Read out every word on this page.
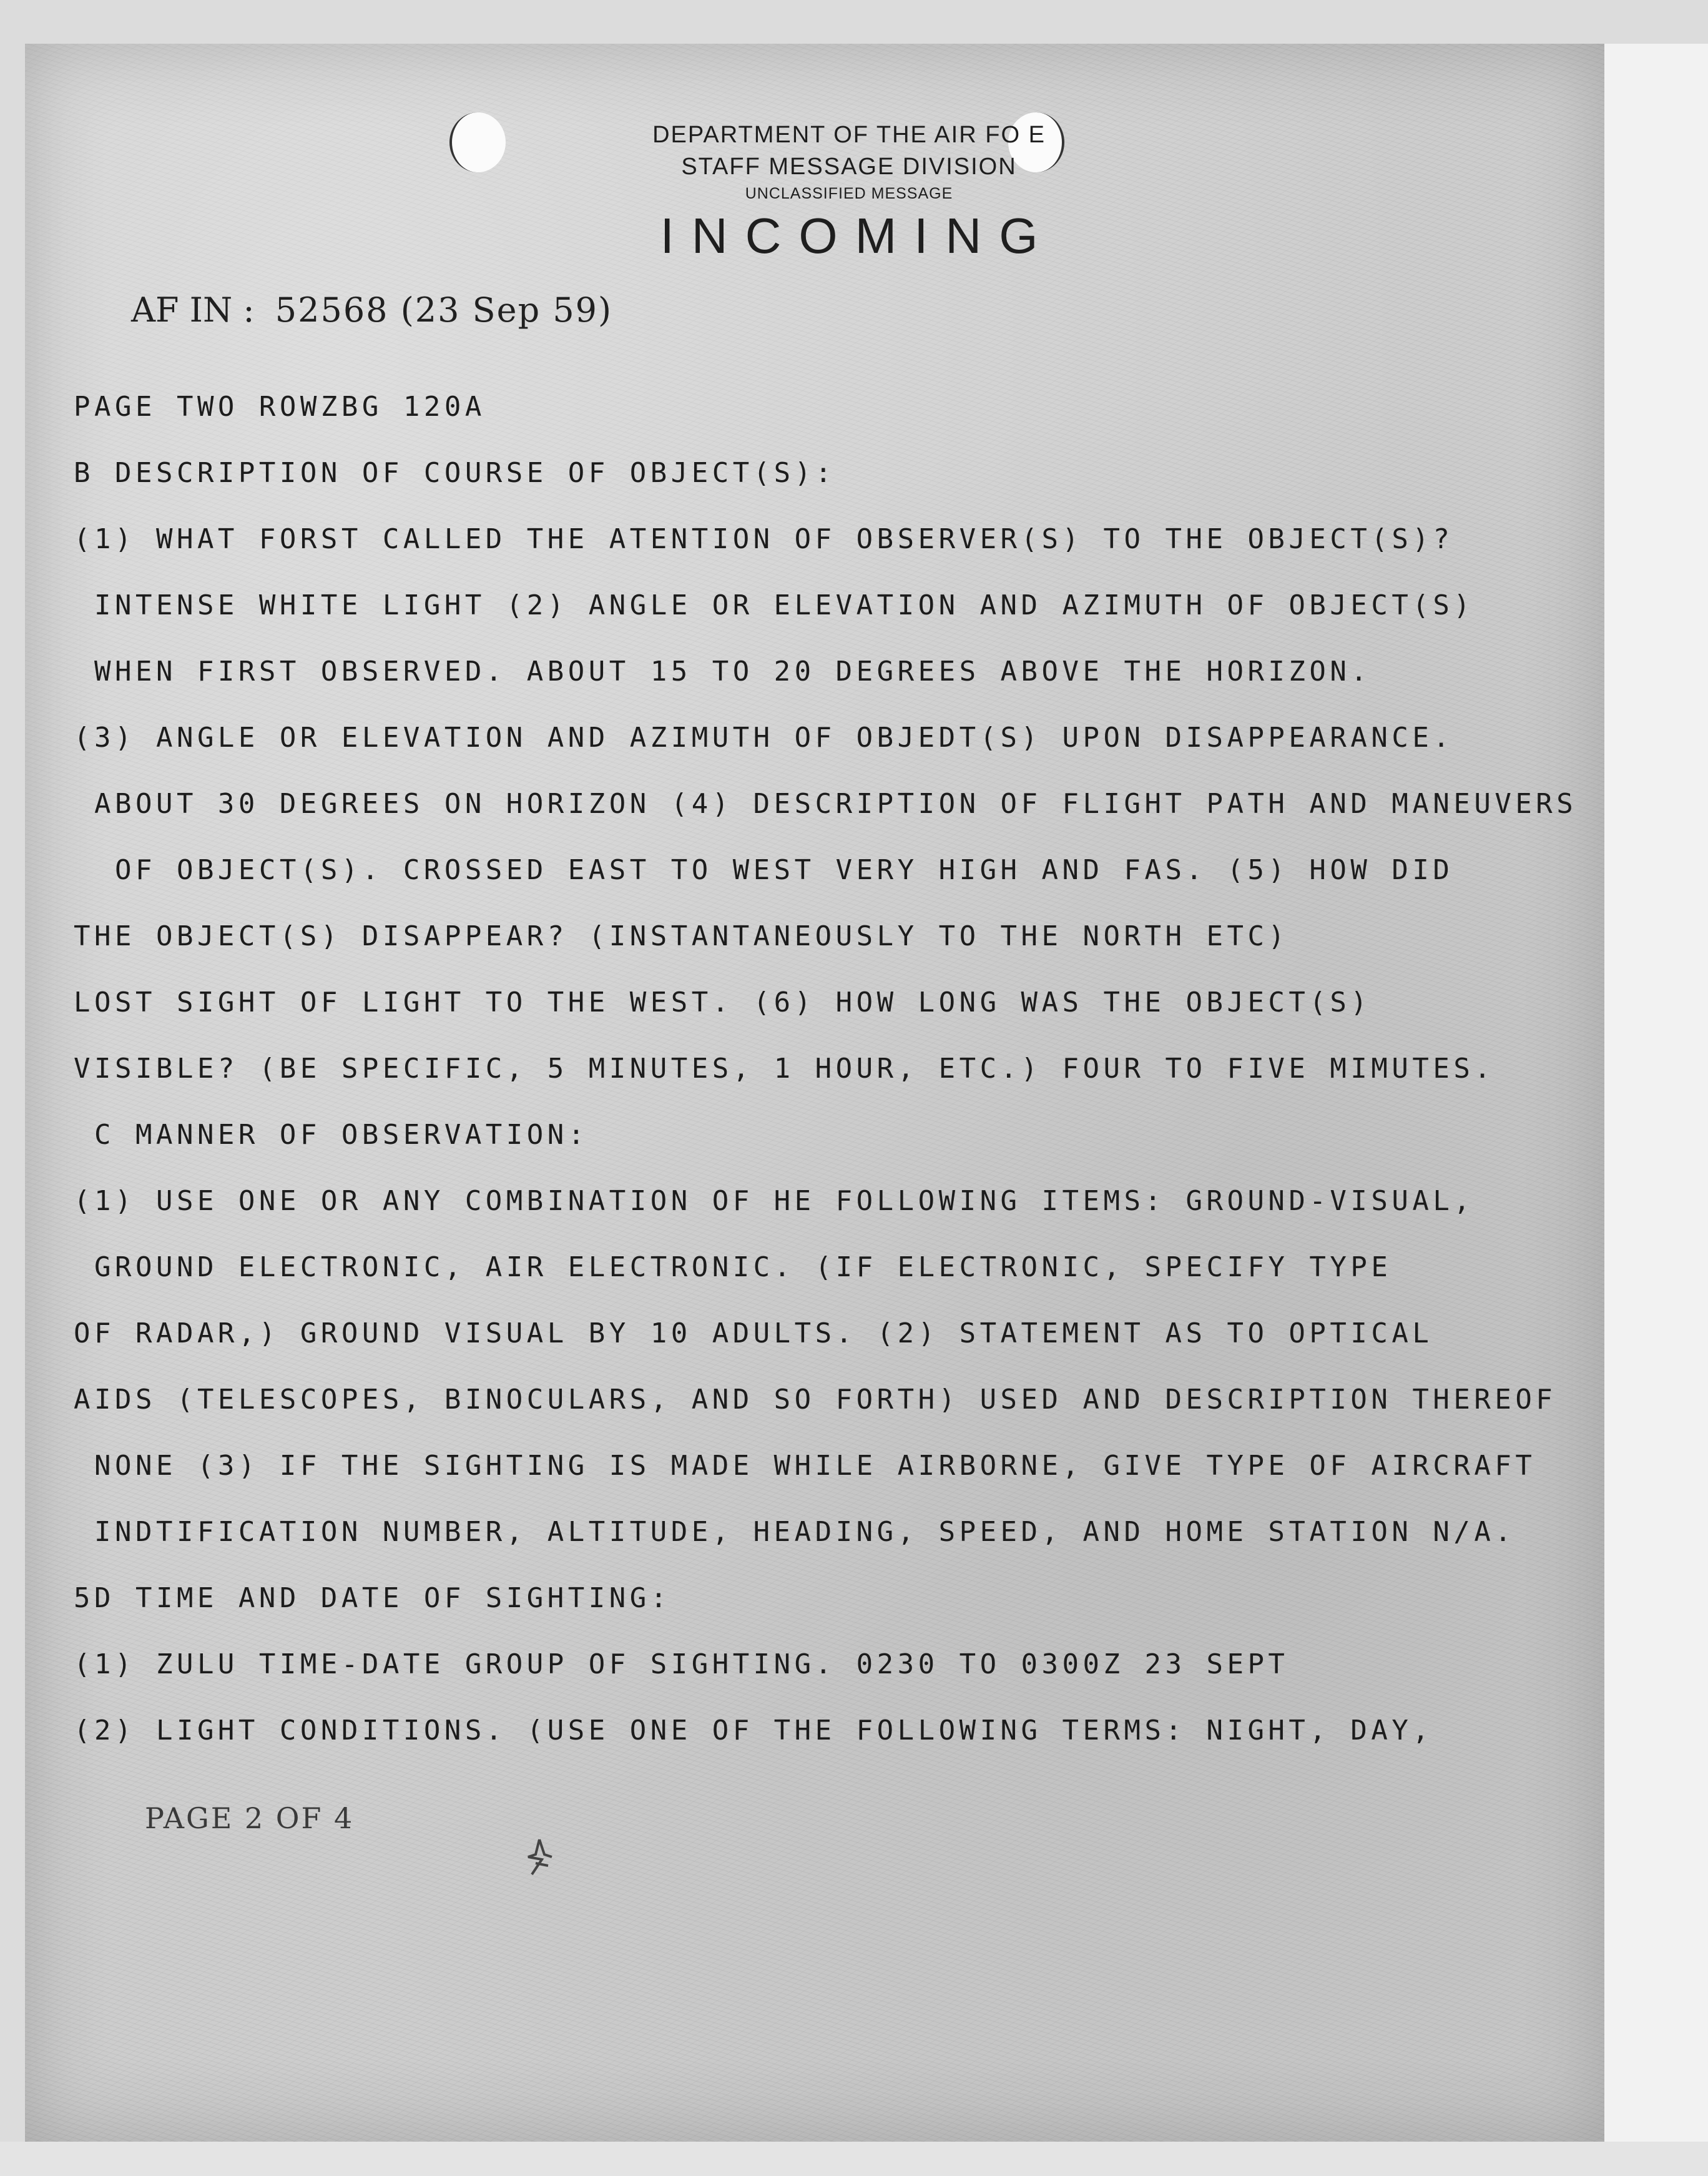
DEPARTMENT OF THE AIR FO E
STAFF MESSAGE DIVISION
UNCLASSIFIED MESSAGE
INCOMING
AF IN : 52568 (23 Sep 59)
PAGE TWO ROWZBG 120A
B DESCRIPTION OF COURSE OF OBJECT(S):
(1) WHAT FORST CALLED THE ATENTION OF OBSERVER(S) TO THE OBJECT(S)?
INTENSE WHITE LIGHT (2) ANGLE OR ELEVATION AND AZIMUTH OF OBJECT(S)
WHEN FIRST OBSERVED. ABOUT 15 TO 20 DEGREES ABOVE THE HORIZON.
(3) ANGLE OR ELEVATION AND AZIMUTH OF OBJEDT(S) UPON DISAPPEARANCE.
ABOUT 30 DEGREES ON HORIZON (4) DESCRIPTION OF FLIGHT PATH AND MANEUVERS
OF OBJECT(S). CROSSED EAST TO WEST VERY HIGH AND FAS. (5) HOW DID
THE OBJECT(S) DISAPPEAR? (INSTANTANEOUSLY TO THE NORTH ETC)
LOST SIGHT OF LIGHT TO THE WEST. (6) HOW LONG WAS THE OBJECT(S)
VISIBLE? (BE SPECIFIC, 5 MINUTES, 1 HOUR, ETC.) FOUR TO FIVE MIMUTES.
C MANNER OF OBSERVATION:
(1) USE ONE OR ANY COMBINATION OF HE FOLLOWING ITEMS: GROUND-VISUAL,
GROUND ELECTRONIC, AIR ELECTRONIC. (IF ELECTRONIC, SPECIFY TYPE
OF RADAR,) GROUND VISUAL BY 10 ADULTS. (2) STATEMENT AS TO OPTICAL
AIDS (TELESCOPES, BINOCULARS, AND SO FORTH) USED AND DESCRIPTION THEREOF
NONE (3) IF THE SIGHTING IS MADE WHILE AIRBORNE, GIVE TYPE OF AIRCRAFT
INDTIFICATION NUMBER, ALTITUDE, HEADING, SPEED, AND HOME STATION N/A.
5D TIME AND DATE OF SIGHTING:
(1) ZULU TIME-DATE GROUP OF SIGHTING. 0230 TO 0300Z 23 SEPT
(2) LIGHT CONDITIONS. (USE ONE OF THE FOLLOWING TERMS: NIGHT, DAY,
PAGE 2 OF 4
